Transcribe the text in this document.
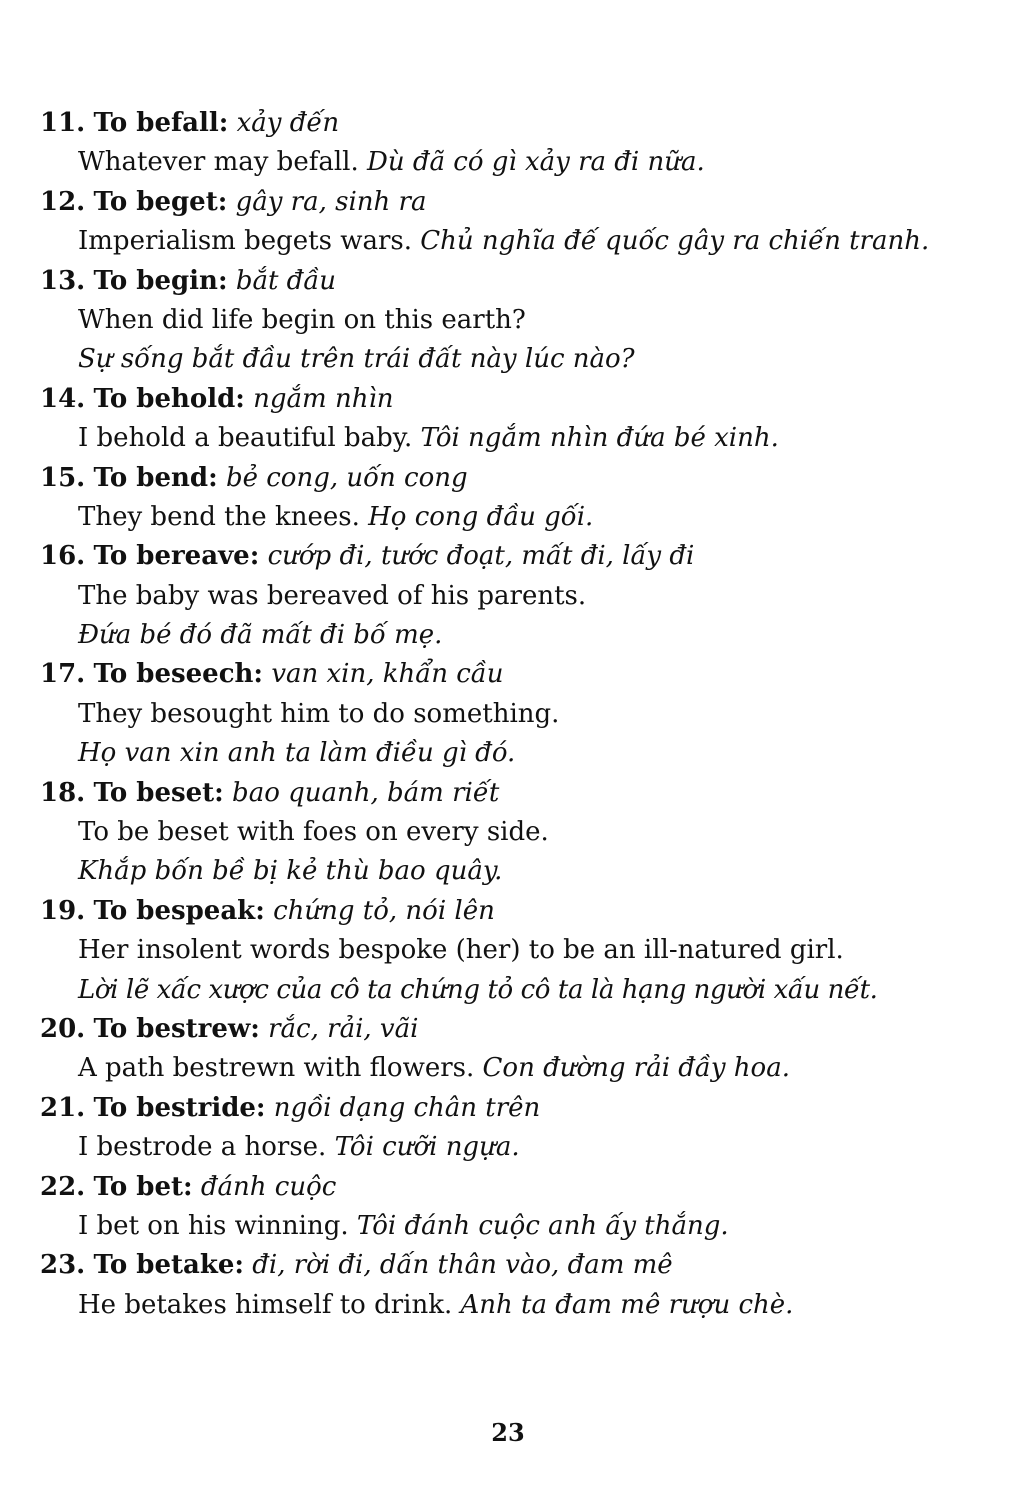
11. To befall: xảy đến
Whatever may befall. Dù đã có gì xảy ra đi nữa.
12. To beget: gây ra, sinh ra
Imperialism begets wars. Chủ nghĩa đế quốc gây ra chiến tranh.
13. To begin: bắt đầu
When did life begin on this earth?
Sự sống bắt đầu trên trái đất này lúc nào?
14. To behold: ngắm nhìn
I behold a beautiful baby. Tôi ngắm nhìn đứa bé xinh.
15. To bend: bẻ cong, uốn cong
They bend the knees. Họ cong đầu gối.
16. To bereave: cướp đi, tước đoạt, mất đi, lấy đi
The baby was bereaved of his parents.
Đứa bé đó đã mất đi bố mẹ.
17. To beseech: van xin, khẩn cầu
They besought him to do something.
Họ van xin anh ta làm điều gì đó.
18. To beset: bao quanh, bám riết
To be beset with foes on every side.
Khắp bốn bề bị kẻ thù bao quây.
19. To bespeak: chứng tỏ, nói lên
Her insolent words bespoke (her) to be an ill-natured girl.
Lời lẽ xấc xược của cô ta chứng tỏ cô ta là hạng người xấu nết.
20. To bestrew: rắc, rải, vãi
A path bestrewn with flowers. Con đường rải đầy hoa.
21. To bestride: ngồi dạng chân trên
I bestrode a horse. Tôi cưỡi ngựa.
22. To bet: đánh cuộc
I bet on his winning. Tôi đánh cuộc anh ấy thắng.
23. To betake: đi, rời đi, dấn thân vào, đam mê
He betakes himself to drink. Anh ta đam mê rượu chè.
23
